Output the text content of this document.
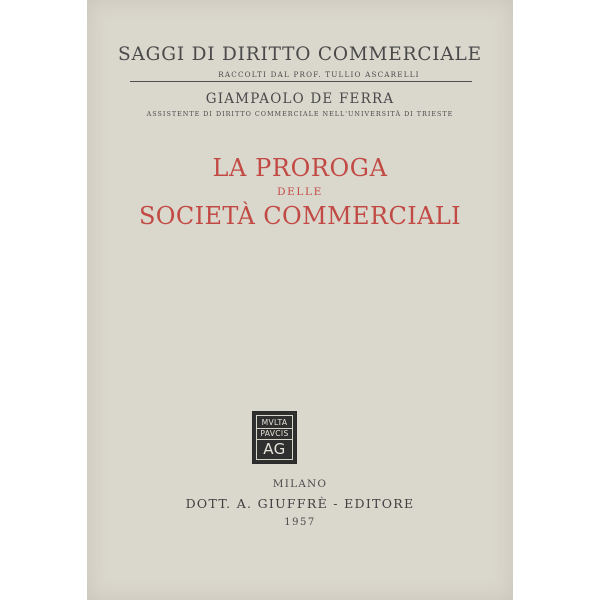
SAGGI DI DIRITTO COMMERCIALE
RACCOLTI DAL PROF. TULLIO ASCARELLI
GIAMPAOLO DE FERRA
ASSISTENTE DI DIRITTO COMMERCIALE NELL'UNIVERSITÀ DI TRIESTE
LA PROROGA
DELLE
SOCIETÀ COMMERCIALI
MVLTA
PAVCIS
AG
MILANO
DOTT. A. GIUFFRÈ - EDITORE
1957
